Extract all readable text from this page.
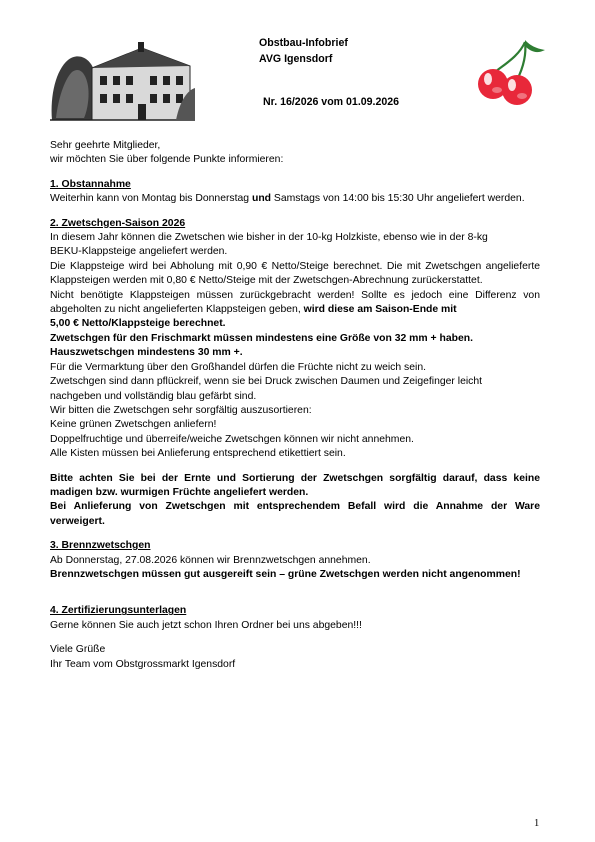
Obstbau-Infobrief
AVG Igensdorf
Nr. 16/2026 vom 01.09.2026

Sehr geehrte Mitglieder,

wir möchten Sie über folgende Punkte informieren:

1. Obstannahme

Weiterhin kann von Montag bis Donnerstag und Samstags von 14:00 bis 15:30 Uhr angeliefert werden.

2. Zwetschgen-Saison 2026

In diesem Jahr können die Zwetschen wie bisher in der 10-kg Holzkiste, ebenso wie in der 8-kg

BEKU-Klappsteige angeliefert werden.

Die Klappsteige wird bei Abholung mit 0,90 € Netto/Steige berechnet. Die mit Zwetschgen angelieferte Klappsteigen werden mit 0,80 € Netto/Steige mit der Zwetschgen-Abrechnung zurückerstattet.

Nicht benötigte Klappsteigen müssen zurückgebracht werden! Sollte es jedoch eine Differenz von abgeholten zu nicht angelieferten Klappsteigen geben, wird diese am Saison-Ende mit

5,00 € Netto/Klappsteige berechnet.

Zwetschgen für den Frischmarkt müssen mindestens eine Größe von 32 mm + haben.

Hauszwetschgen mindestens 30 mm +.

Für die Vermarktung über den Großhandel dürfen die Früchte nicht zu weich sein.

Zwetschgen sind dann pflückreif, wenn sie bei Druck zwischen Daumen und Zeigefinger leicht

nachgeben und vollständig blau gefärbt sind.

Wir bitten die Zwetschgen sehr sorgfältig auszusortieren:

Keine grünen Zwetschgen anliefern!

Doppelfruchtige und überreife/weiche Zwetschgen können wir nicht annehmen.

Alle Kisten müssen bei Anlieferung entsprechend etikettiert sein.

Bitte achten Sie bei der Ernte und Sortierung der Zwetschgen sorgfältig darauf, dass keine madigen bzw. wurmigen Früchte angeliefert werden.

Bei Anlieferung von Zwetschgen mit entsprechendem Befall wird die Annahme der Ware verweigert.

3. Brennzwetschgen

Ab Donnerstag, 27.08.2026 können wir Brennzwetschgen annehmen.

Brennzwetschgen müssen gut ausgereift sein – grüne Zwetschgen werden nicht angenommen!

4. Zertifizierungsunterlagen

Gerne können Sie auch jetzt schon Ihren Ordner bei uns abgeben!!!

Viele Grüße

Ihr Team vom Obstgrossmarkt Igensdorf

1
